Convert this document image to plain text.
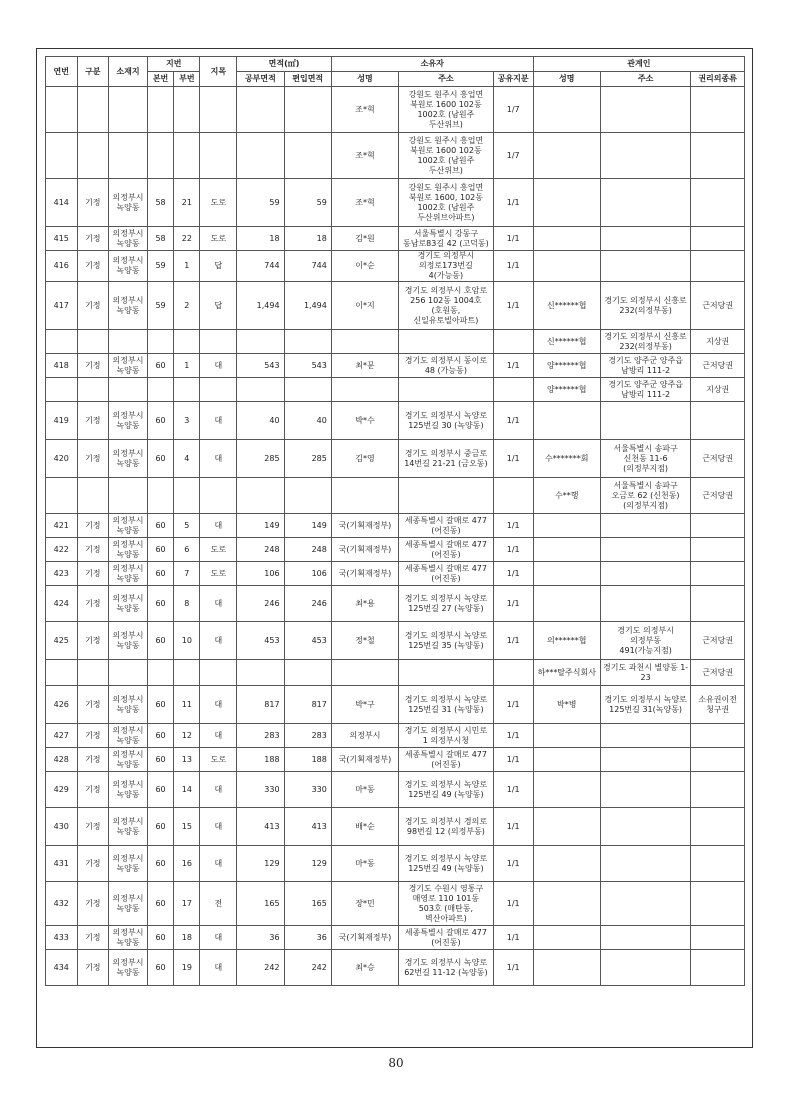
연번	구분	소재지	지번		지목	면적(㎡)		소유자			관계인		
			본번	부번		공부면적	편입면적	성명	주소	공유지분	성명	주소	권리의종류
								조*혁	강원도 원주시 흥업면 북원로 1600 102동 1002호 (남원주 두산위브)	1/7			
								조*혁	강원도 원주시 흥업면 북원로 1600 102동 1002호 (남원주 두산위브)	1/7			
414	기정	의정부시 녹양동	58	21	도로	59	59	조*혁	강원도 원주시 흥업면 북원로 1600, 102동 1002호 (남원주 두산위브아파트)	1/1			
415	기정	의정부시 녹양동	58	22	도로	18	18	김*원	서울특별시 강동구 동남로83길 42 (고덕동)	1/1			
416	기정	의정부시 녹양동	59	1	답	744	744	이*순	경기도 의정부시 의정로173번길 4(가능동)	1/1			
417	기정	의정부시 녹양동	59	2	답	1,494	1,494	이*지	경기도 의정부시 호암로 256 102동 1004호(호원동,신일유토빌아파트)	1/1	신******협	경기도 의정부시 신흥로 232(의정부동)	근저당권
											신******협	경기도 의정부시 신흥로 232(의정부동)	지상권
418	기정	의정부시 녹양동	60	1	대	543	543	최*문	경기도 의정부시 동이로 48 (가능동)	1/1	양******협	경기도 양주군 양주읍 남방리 111-2	근저당권
											양******협	경기도 양주군 양주읍 남방리 111-2	지상권
419	기정	의정부시 녹양동	60	3	대	40	40	박*수	경기도 의정부시 녹양로 125번길 30 (녹양동)	1/1			
420	기정	의정부시 녹양동	60	4	대	285	285	김*영	경기도 의정부시 중금로 14번길 21-21 (금오동)	1/1	수*******회	서울특별시 송파구 신천동 11-6 (의정부지점)	근저당권
											수**행	서울특별시 송파구 오금로 62 (신천동) (의정부지점)	근저당권
421	기정	의정부시 녹양동	60	5	대	149	149	국(기획재정부)	세종특별시 갈매로 477 (어진동)	1/1			
422	기정	의정부시 녹양동	60	6	도로	248	248	국(기획재정부)	세종특별시 갈매로 477 (어진동)	1/1			
423	기정	의정부시 녹양동	60	7	도로	106	106	국(기획재정부)	세종특별시 갈매로 477 (어진동)	1/1			
424	기정	의정부시 녹양동	60	8	대	246	246	최*용	경기도 의정부시 녹양로 125번길 27 (녹양동)	1/1			
425	기정	의정부시 녹양동	60	10	대	453	453	정*철	경기도 의정부시 녹양로 125번길 35 (녹양동)	1/1	의******협	경기도 의정부시 의정부동 491(가능지점)	근저당권
											하***탈주식회사	경기도 과천시 별양동 1-23	근저당권
426	기정	의정부시 녹양동	60	11	대	817	817	박*구	경기도 의정부시 녹양로 125번길 31 (녹양동)	1/1	박*병	경기도 의정부시 녹양로 125번길 31(녹양동)	소유권이전 청구권
427	기정	의정부시 녹양동	60	12	대	283	283	의정부시	경기도 의정부시 시민로 1 의정부시청	1/1			
428	기정	의정부시 녹양동	60	13	도로	188	188	국(기획재정부)	세종특별시 갈매로 477 (어진동)	1/1			
429	기정	의정부시 녹양동	60	14	대	330	330	마*동	경기도 의정부시 녹양로 125번길 49 (녹양동)	1/1			
430	기정	의정부시 녹양동	60	15	대	413	413	배*순	경기도 의정부시 경의로 98번길 12 (의정부동)	1/1			
431	기정	의정부시 녹양동	60	16	대	129	129	마*동	경기도 의정부시 녹양로 125번길 49 (녹양동)	1/1			
432	기정	의정부시 녹양동	60	17	전	165	165	장*민	경기도 수원시 영통구 매영로 110 101동 503호 (매탄동,벽산아파트)	1/1			
433	기정	의정부시 녹양동	60	18	대	36	36	국(기획재정부)	세종특별시 갈매로 477 (어진동)	1/1			
434	기정	의정부시 녹양동	60	19	대	242	242	최*승	경기도 의정부시 녹양로 62번길 11-12 (녹양동)	1/1			
80
